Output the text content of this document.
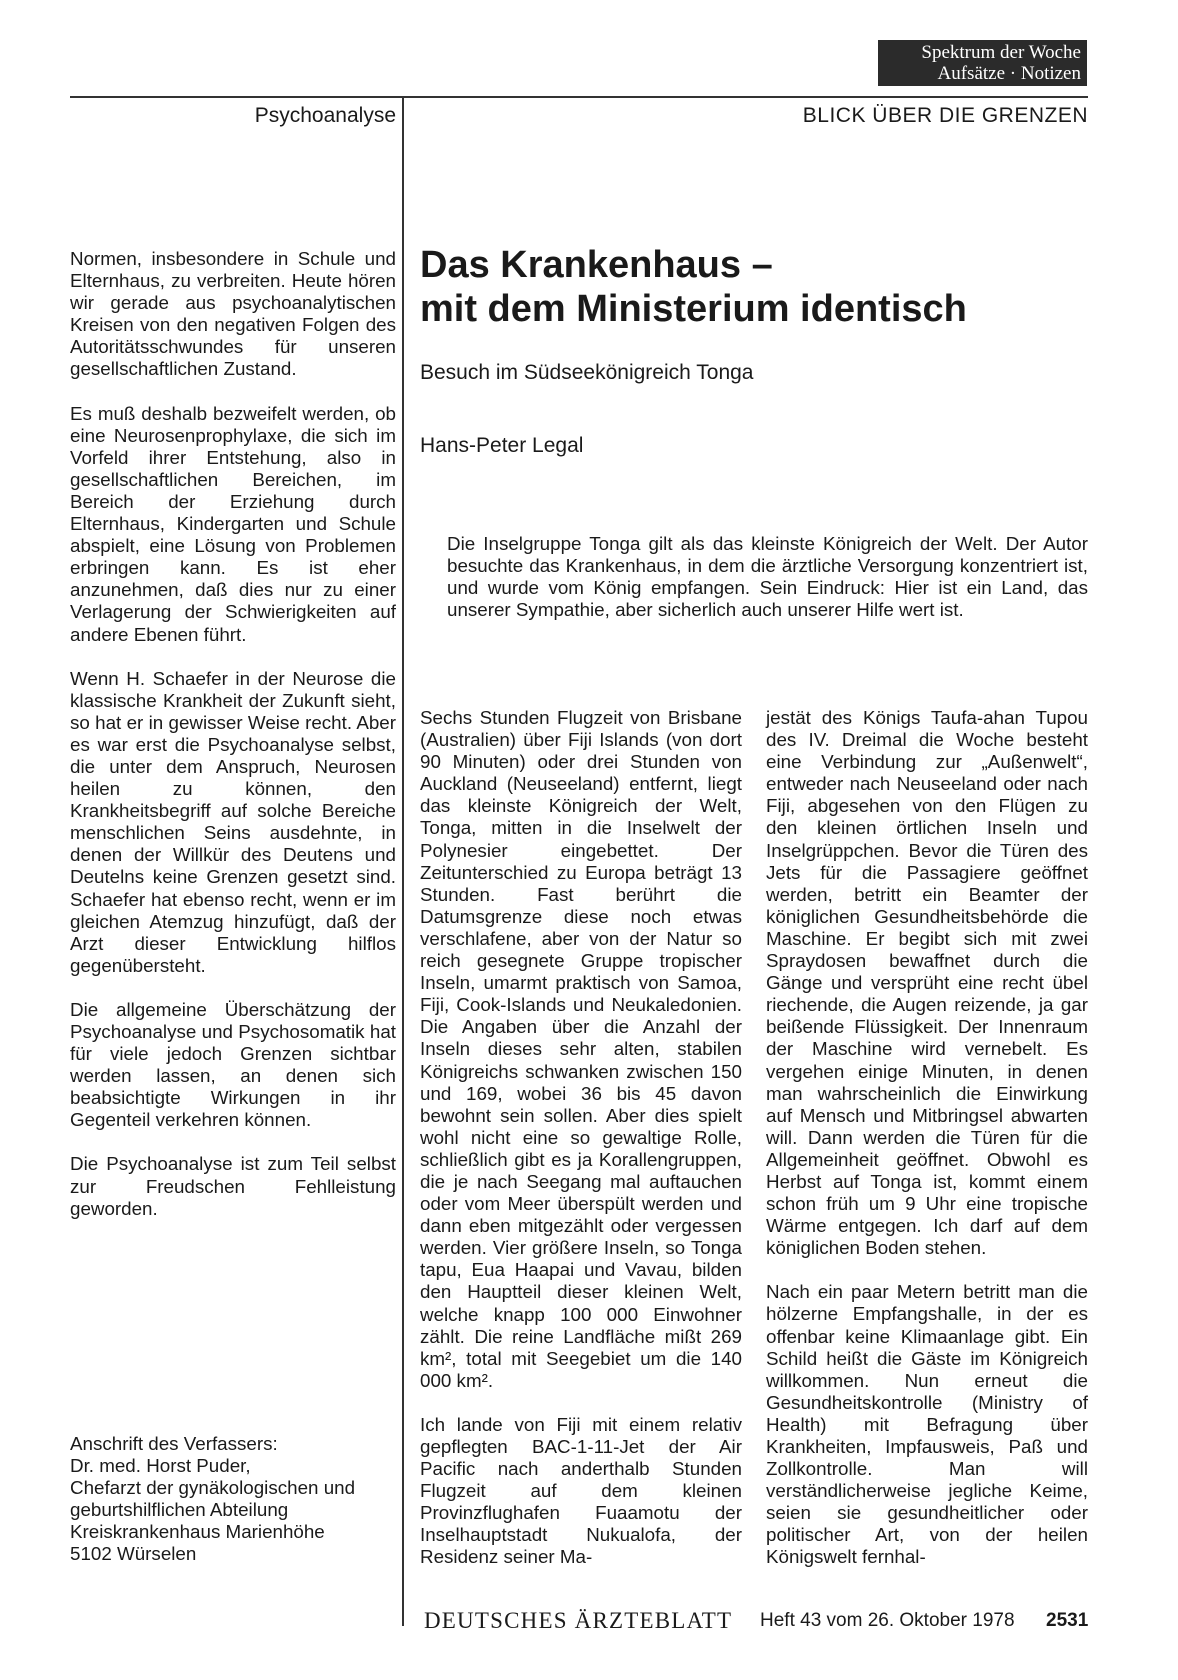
Spektrum der Woche
Aufsätze · Notizen
Psychoanalyse	BLICK ÜBER DIE GRENZEN

Normen, insbesondere in Schule und Elternhaus, zu verbreiten. Heute hören wir gerade aus psychoanalytischen Kreisen von den negativen Folgen des Autoritätsschwundes für unseren gesellschaftlichen Zustand.

Es muß deshalb bezweifelt werden, ob eine Neurosenprophylaxe, die sich im Vorfeld ihrer Entstehung, also in gesellschaftlichen Bereichen, im Bereich der Erziehung durch Elternhaus, Kindergarten und Schule abspielt, eine Lösung von Problemen erbringen kann. Es ist eher anzunehmen, daß dies nur zu einer Verlagerung der Schwierigkeiten auf andere Ebenen führt.

Wenn H. Schaefer in der Neurose die klassische Krankheit der Zukunft sieht, so hat er in gewisser Weise recht. Aber es war erst die Psychoanalyse selbst, die unter dem Anspruch, Neurosen heilen zu können, den Krankheitsbegriff auf solche Bereiche menschlichen Seins ausdehnte, in denen der Willkür des Deutens und Deutelns keine Grenzen gesetzt sind. Schaefer hat ebenso recht, wenn er im gleichen Atemzug hinzufügt, daß der Arzt dieser Entwicklung hilflos gegenübersteht.

Die allgemeine Überschätzung der Psychoanalyse und Psychosomatik hat für viele jedoch Grenzen sichtbar werden lassen, an denen sich beabsichtigte Wirkungen in ihr Gegenteil verkehren können.

Die Psychoanalyse ist zum Teil selbst zur Freudschen Fehlleistung geworden.

Anschrift des Verfassers:
Dr. med. Horst Puder,
Chefarzt der gynäkologischen und
geburtshilflichen Abteilung
Kreiskrankenhaus Marienhöhe
5102 Würselen
Das Krankenhaus –
mit dem Ministerium identisch
Besuch im Südseekönigreich Tonga
Hans-Peter Legal

Die Inselgruppe Tonga gilt als das kleinste Königreich der Welt. Der Autor besuchte das Krankenhaus, in dem die ärztliche Versorgung konzentriert ist, und wurde vom König empfangen. Sein Eindruck: Hier ist ein Land, das unserer Sympathie, aber sicherlich auch unserer Hilfe wert ist.

Sechs Stunden Flugzeit von Brisbane (Australien) über Fiji Islands (von dort 90 Minuten) oder drei Stunden von Auckland (Neuseeland) entfernt, liegt das kleinste Königreich der Welt, Tonga, mitten in die Inselwelt der Polynesier eingebettet. Der Zeitunterschied zu Europa beträgt 13 Stunden. Fast berührt die Datumsgrenze diese noch etwas verschlafene, aber von der Natur so reich gesegnete Gruppe tropischer Inseln, umarmt praktisch von Samoa, Fiji, Cook-Islands und Neukaledonien. Die Angaben über die Anzahl der Inseln dieses sehr alten, stabilen Königreichs schwanken zwischen 150 und 169, wobei 36 bis 45 davon bewohnt sein sollen. Aber dies spielt wohl nicht eine so gewaltige Rolle, schließlich gibt es ja Korallengruppen, die je nach Seegang mal auftauchen oder vom Meer überspült werden und dann eben mitgezählt oder vergessen werden. Vier größere Inseln, so Tonga tapu, Eua Haapai und Vavau, bilden den Hauptteil dieser kleinen Welt, welche knapp 100 000 Einwohner zählt. Die reine Landfläche mißt 269 km², total mit Seegebiet um die 140 000 km².

Ich lande von Fiji mit einem relativ gepflegten BAC-1-11-Jet der Air Pacific nach anderthalb Stunden Flugzeit auf dem kleinen Provinzflughafen Fuaamotu der Inselhauptstadt Nukualofa, der Residenz seiner Ma-

jestät des Königs Taufa-ahan Tupou des IV. Dreimal die Woche besteht eine Verbindung zur „Außenwelt“, entweder nach Neuseeland oder nach Fiji, abgesehen von den Flügen zu den kleinen örtlichen Inseln und Inselgrüppchen. Bevor die Türen des Jets für die Passagiere geöffnet werden, betritt ein Beamter der königlichen Gesundheitsbehörde die Maschine. Er begibt sich mit zwei Spraydosen bewaffnet durch die Gänge und versprüht eine recht übel riechende, die Augen reizende, ja gar beißende Flüssigkeit. Der Innenraum der Maschine wird vernebelt. Es vergehen einige Minuten, in denen man wahrscheinlich die Einwirkung auf Mensch und Mitbringsel abwarten will. Dann werden die Türen für die Allgemeinheit geöffnet. Obwohl es Herbst auf Tonga ist, kommt einem schon früh um 9 Uhr eine tropische Wärme entgegen. Ich darf auf dem königlichen Boden stehen.

Nach ein paar Metern betritt man die hölzerne Empfangshalle, in der es offenbar keine Klimaanlage gibt. Ein Schild heißt die Gäste im Königreich willkommen. Nun erneut die Gesundheitskontrolle (Ministry of Health) mit Befragung über Krankheiten, Impfausweis, Paß und Zollkontrolle. Man will verständlicherweise jegliche Keime, seien sie gesundheitlicher oder politischer Art, von der heilen Königswelt fernhal-

DEUTSCHES ÄRZTEBLATT Heft 43 vom 26. Oktober 1978 2531
